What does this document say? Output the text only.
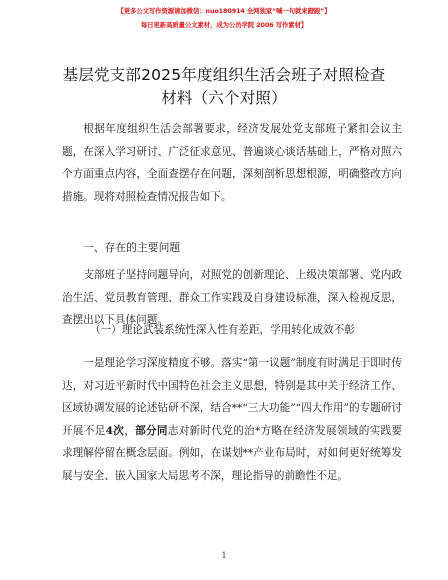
【更多公文写作资源请加微信：nuo180914 全网独家“喊一句就来蹬跟”】
每日更新高质量公文素材，成为公员学院 2006 写作素材】
基层党支部2025年度组织生活会班子对照检查
材料（六个对照）
根据年度组织生活会部署要求，经济发展处党支部班子紧扣会议主题，在深入学习研讨、广泛征求意见、普遍谈心谈话基础上，严格对照六个方面重点内容，全面查摆存在问题，深刻剖析思想根源，明确整改方向措施。现将对照检查情况报告如下。
一、存在的主要问题
支部班子坚持问题导向，对照党的创新理论、上级决策部署、党内政治生活、党员教育管理、群众工作实践及自身建设标准，深入检视反思，查摆出以下具体问题。
（一）理论武装系统性深入性有差距，学用转化成效不彰
一是理论学习深度精度不够。落实“第一议题”制度有时满足于即时传达，对习近平新时代中国特色社会主义思想，特别是其中关于经济工作、区域协调发展的论述钻研不深，结合**“三大功能”“四大作用”的专题研讨开展不足4次，部分同志对新时代党的治*方略在经济发展领域的实践要求理解停留在概念层面。例如，在谋划**产业布局时，对如何更好统筹发展与安全、嵌入国家大局思考不深，理论指导的前瞻性不足。
1
